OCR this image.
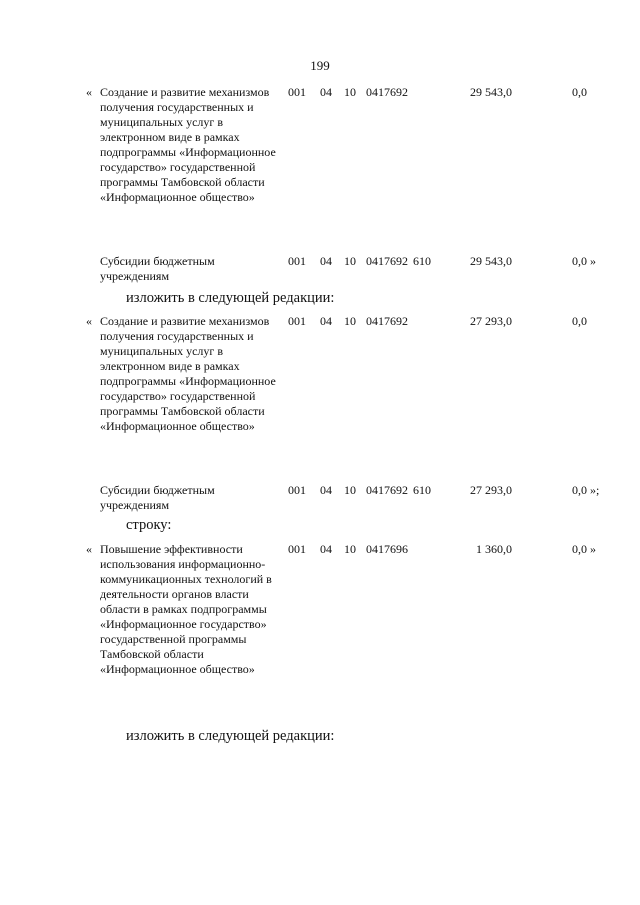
199
« Создание и развитие механизмов получения государственных и муниципальных услуг в электронном виде в рамках подпрограммы «Информационное государство» государственной программы Тамбовской области «Информационное общество»
001 04 10 0417692	29 543,0	0,0
Субсидии бюджетным учреждениям
001 04 10 0417692 610	29 543,0	0,0 »
изложить в следующей редакции:
« Создание и развитие механизмов получения государственных и муниципальных услуг в электронном виде в рамках подпрограммы «Информационное государство» государственной программы Тамбовской области «Информационное общество»
001 04 10 0417692	27 293,0	0,0
Субсидии бюджетным учреждениям
001 04 10 0417692 610	27 293,0	0,0 »;
строку:
« Повышение эффективности использования информационно-коммуникационных технологий в деятельности органов власти области в рамках подпрограммы «Информационное государство» государственной программы Тамбовской области «Информационное общество»
001 04 10 0417696	1 360,0	0,0 »
изложить в следующей редакции:
